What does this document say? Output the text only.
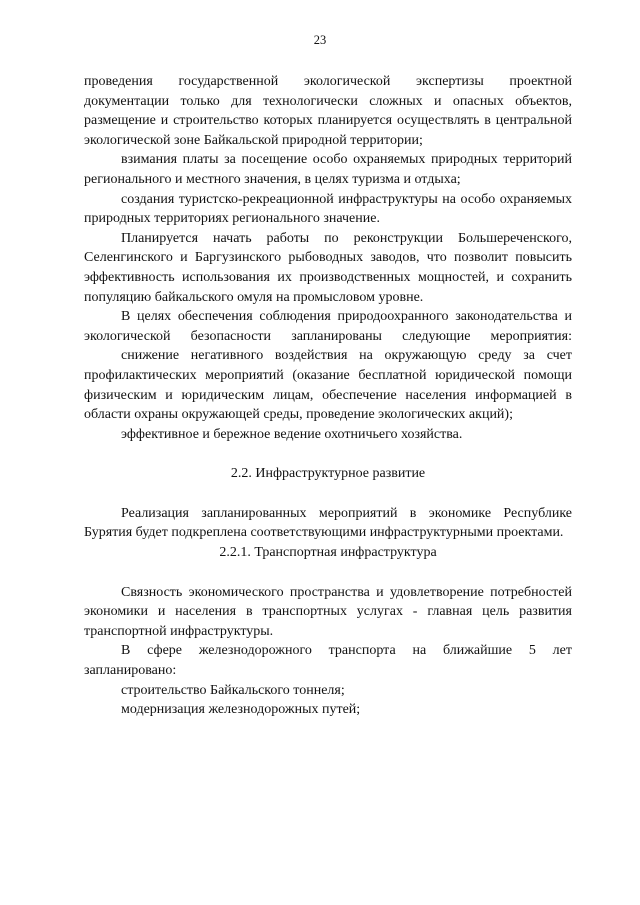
23

проведения государственной экологической экспертизы проектной документации только для технологически сложных и опасных объектов, размещение и строительство которых планируется осуществлять в центральной экологической зоне Байкальской природной территории;

взимания платы за посещение особо охраняемых природных территорий регионального и местного значения, в целях туризма и отдыха;

создания туристско-рекреационной инфраструктуры на особо охраняемых природных территориях регионального значение.

Планируется начать работы по реконструкции Большереченского, Селенгинского и Баргузинского рыбоводных заводов, что позволит повысить эффективность использования их производственных мощностей, и сохранить популяцию байкальского омуля на промысловом уровне.

В целях обеспечения соблюдения природоохранного законодательства и экологической безопасности запланированы следующие мероприятия:

снижение негативного воздействия на окружающую среду за счет профилактических мероприятий (оказание бесплатной юридической помощи физическим и юридическим лицам, обеспечение населения информацией в области охраны окружающей среды, проведение экологических акций);

эффективное и бережное ведение охотничьего хозяйства.

2.2. Инфраструктурное развитие

Реализация запланированных мероприятий в экономике Республике Бурятия будет подкреплена соответствующими инфраструктурными проектами.

2.2.1. Транспортная инфраструктура

Связность экономического пространства и удовлетворение потребностей экономики и населения в транспортных услугах - главная цель развития транспортной инфраструктуры.

В сфере железнодорожного транспорта на ближайшие 5 лет запланировано:

строительство Байкальского тоннеля;

модернизация железнодорожных путей;
